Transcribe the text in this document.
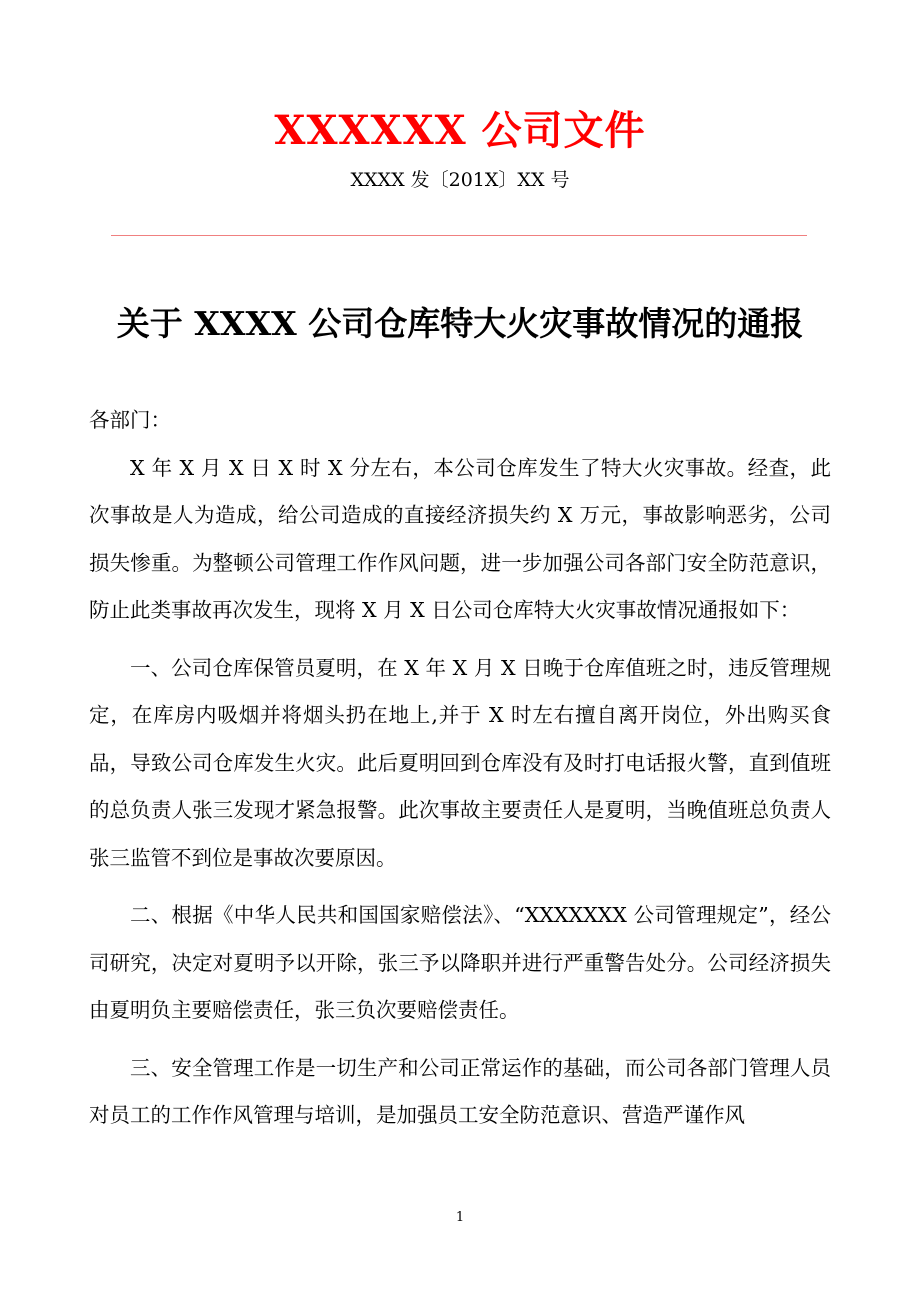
XXXXXX 公司文件
XXXX 发〔201X〕XX 号
关于 XXXX 公司仓库特大火灾事故情况的通报

各部门：

X 年 X 月 X 日 X 时 X 分左右，本公司仓库发生了特大火灾事故。经查，此次事故是人为造成，给公司造成的直接经济损失约 X 万元，事故影响恶劣，公司损失惨重。为整顿公司管理工作作风问题，进一步加强公司各部门安全防范意识，防止此类事故再次发生，现将 X 月 X 日公司仓库特大火灾事故情况通报如下：

一、公司仓库保管员夏明，在 X 年 X 月 X 日晚于仓库值班之时，违反管理规定，在库房内吸烟并将烟头扔在地上,并于 X 时左右擅自离开岗位，外出购买食品，导致公司仓库发生火灾。此后夏明回到仓库没有及时打电话报火警，直到值班的总负责人张三发现才紧急报警。此次事故主要责任人是夏明，当晚值班总负责人张三监管不到位是事故次要原因。

二、根据《中华人民共和国国家赔偿法》、“XXXXXXX 公司管理规定”，经公司研究，决定对夏明予以开除，张三予以降职并进行严重警告处分。公司经济损失由夏明负主要赔偿责任，张三负次要赔偿责任。

三、安全管理工作是一切生产和公司正常运作的基础，而公司各部门管理人员对员工的工作作风管理与培训，是加强员工安全防范意识、营造严谨作风

1
